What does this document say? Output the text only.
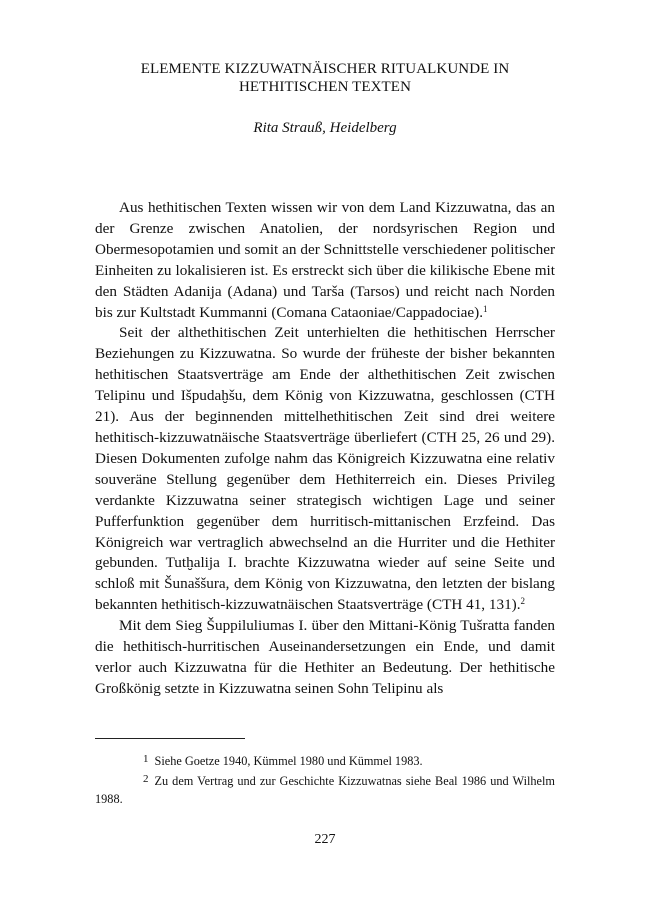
ELEMENTE KIZZUWATNÄISCHER RITUALKUNDE IN
HETHITISCHEN TEXTEN
Rita Strauß, Heidelberg

Aus hethitischen Texten wissen wir von dem Land Kizzuwatna, das an der Grenze zwischen Anatolien, der nordsyrischen Region und Obermesopotamien und somit an der Schnittstelle verschiedener politischer Einheiten zu lokalisieren ist. Es erstreckt sich über die kilikische Ebene mit den Städten Adanija (Adana) und Tarša (Tarsos) und reicht nach Norden bis zur Kultstadt Kummanni (Comana Cataoniae/Cappadociae).$^1$

Seit der althethitischen Zeit unterhielten die hethitischen Herrscher Beziehungen zu Kizzuwatna. So wurde der früheste der bisher bekannten hethitischen Staatsverträge am Ende der althethitischen Zeit zwischen Telipinu und Išpudaḫšu, dem König von Kizzuwatna, geschlossen (CTH 21). Aus der beginnenden mittelhethitischen Zeit sind drei weitere hethitisch-kizzuwatnäische Staatsverträge überliefert (CTH 25, 26 und 29). Diesen Dokumenten zufolge nahm das Königreich Kizzuwatna eine relativ souveräne Stellung gegenüber dem Hethiterreich ein. Dieses Privileg verdankte Kizzuwatna seiner strategisch wichtigen Lage und seiner Pufferfunktion gegenüber dem hurritisch-mittanischen Erzfeind. Das Königreich war vertraglich abwechselnd an die Hurriter und die Hethiter gebunden. Tutḫalija I. brachte Kizzuwatna wieder auf seine Seite und schloß mit Šunaššura, dem König von Kizzuwatna, den letzten der bislang bekannten hethitisch-kizzuwatnäischen Staatsverträge (CTH 41, 131).$^2$

Mit dem Sieg Šuppiluliumas I. über den Mittani-König Tušratta fanden die hethitisch-hurritischen Auseinandersetzungen ein Ende, und damit verlor auch Kizzuwatna für die Hethiter an Bedeutung. Der hethitische Großkönig setzte in Kizzuwatna seinen Sohn Telipinu als

1 Siehe Goetze 1940, Kümmel 1980 und Kümmel 1983.

2 Zu dem Vertrag und zur Geschichte Kizzuwatnas siehe Beal 1986 und Wilhelm 1988.

227
